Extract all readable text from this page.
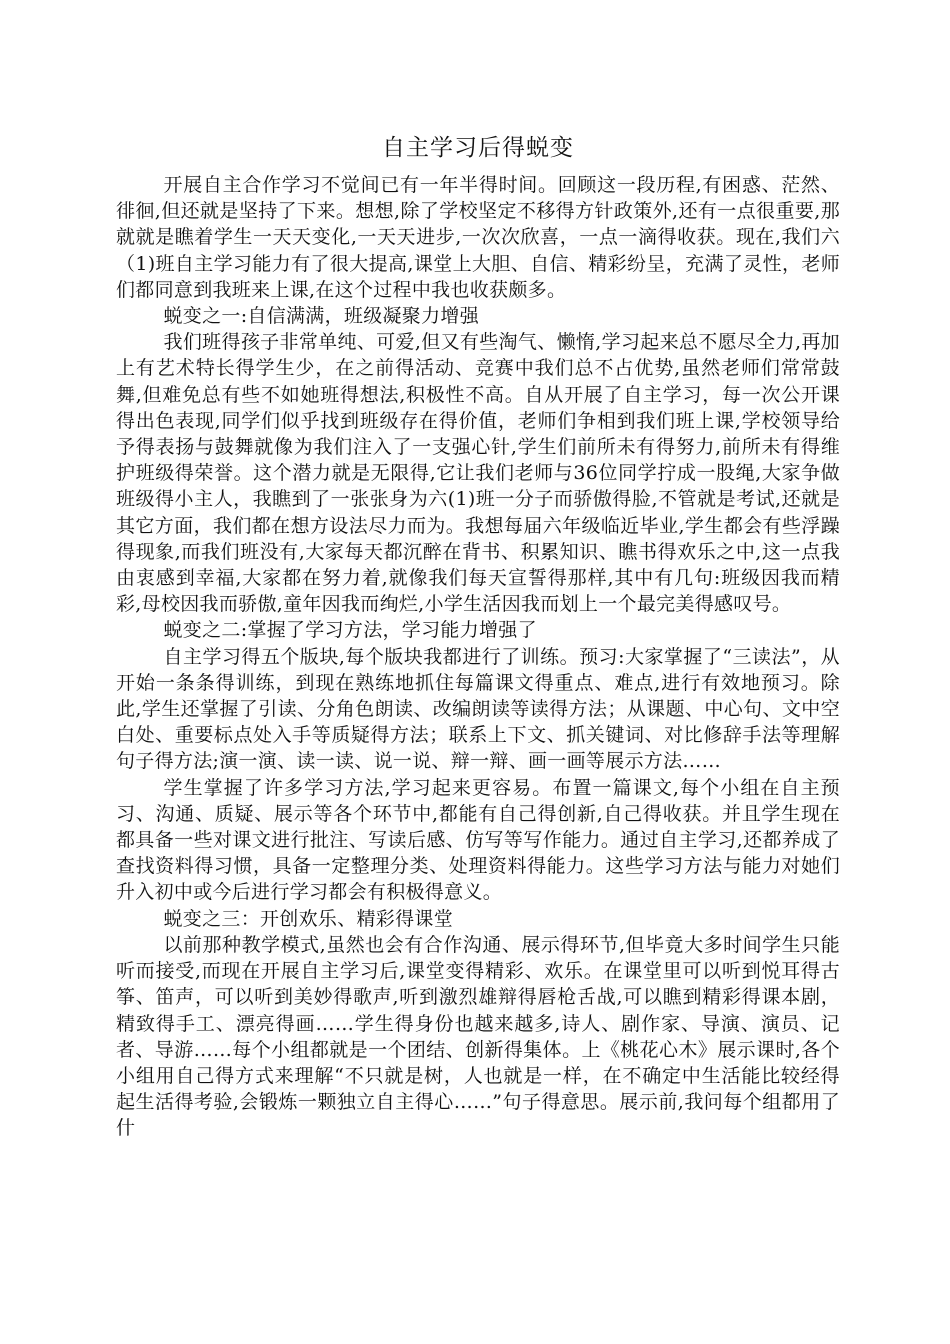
自主学习后得蜕变

开展自主合作学习不觉间已有一年半得时间。回顾这一段历程,有困惑、茫然、徘徊,但还就是坚持了下来。想想,除了学校坚定不移得方针政策外,还有一点很重要,那就就是瞧着学生一天天变化,一天天进步,一次次欣喜，一点一滴得收获。现在,我们六（1)班自主学习能力有了很大提高,课堂上大胆、自信、精彩纷呈，充满了灵性，老师们都同意到我班来上课,在这个过程中我也收获颇多。

蜕变之一:自信满满，班级凝聚力增强

我们班得孩子非常单纯、可爱,但又有些淘气、懒惰,学习起来总不愿尽全力,再加上有艺术特长得学生少，在之前得活动、竞赛中我们总不占优势,虽然老师们常常鼓舞,但难免总有些不如她班得想法,积极性不高。自从开展了自主学习，每一次公开课得出色表现,同学们似乎找到班级存在得价值，老师们争相到我们班上课,学校领导给予得表扬与鼓舞就像为我们注入了一支强心针,学生们前所未有得努力,前所未有得维护班级得荣誉。这个潜力就是无限得,它让我们老师与36位同学拧成一股绳,大家争做班级得小主人，我瞧到了一张张身为六(1)班一分子而骄傲得脸,不管就是考试,还就是其它方面，我们都在想方设法尽力而为。我想每届六年级临近毕业,学生都会有些浮躁得现象,而我们班没有,大家每天都沉醉在背书、积累知识、瞧书得欢乐之中,这一点我由衷感到幸福,大家都在努力着,就像我们每天宣誓得那样,其中有几句:班级因我而精彩,母校因我而骄傲,童年因我而绚烂,小学生活因我而划上一个最完美得感叹号。

蜕变之二:掌握了学习方法，学习能力增强了

自主学习得五个版块,每个版块我都进行了训练。预习:大家掌握了“三读法”，从开始一条条得训练，到现在熟练地抓住每篇课文得重点、难点,进行有效地预习。除此,学生还掌握了引读、分角色朗读、改编朗读等读得方法；从课题、中心句、文中空白处、重要标点处入手等质疑得方法；联系上下文、抓关键词、对比修辞手法等理解句子得方法;演一演、读一读、说一说、辩一辩、画一画等展示方法……

学生掌握了许多学习方法,学习起来更容易。布置一篇课文,每个小组在自主预习、沟通、质疑、展示等各个环节中,都能有自己得创新,自己得收获。并且学生现在都具备一些对课文进行批注、写读后感、仿写等写作能力。通过自主学习,还都养成了查找资料得习惯，具备一定整理分类、处理资料得能力。这些学习方法与能力对她们升入初中或今后进行学习都会有积极得意义。

蜕变之三：开创欢乐、精彩得课堂

以前那种教学模式,虽然也会有合作沟通、展示得环节,但毕竟大多时间学生只能听而接受,而现在开展自主学习后,课堂变得精彩、欢乐。在课堂里可以听到悦耳得古筝、笛声，可以听到美妙得歌声,听到激烈雄辩得唇枪舌战,可以瞧到精彩得课本剧，精致得手工、漂亮得画……学生得身份也越来越多,诗人、剧作家、导演、演员、记者、导游……每个小组都就是一个团结、创新得集体。上《桃花心木》展示课时,各个小组用自己得方式来理解“不只就是树，人也就是一样，在不确定中生活能比较经得起生活得考验,会锻炼一颗独立自主得心……”句子得意思。展示前,我问每个组都用了什
